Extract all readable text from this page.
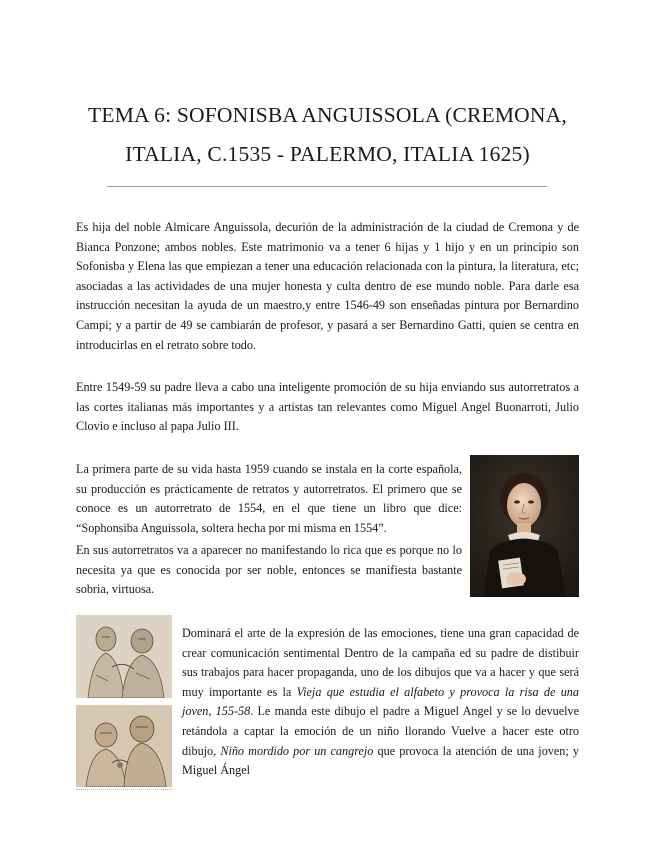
TEMA 6: SOFONISBA ANGUISSOLA (CREMONA, ITALIA, C.1535 - PALERMO, ITALIA 1625)

Es hija del noble Almicare Anguissola, decurión de la administración de la ciudad de Cremona y de Bianca Ponzone; ambos nobles. Este matrimonio va a tener 6 hijas y 1 hijo y en un principio son Sofonisba y Elena las que empiezan a tener una educación relacionada con la pintura, la literatura, etc; asociadas a las actividades de una mujer honesta y culta dentro de ese mundo noble. Para darle esa instrucción necesitan la ayuda de un maestro,y entre 1546-49 son enseñadas pintura por Bernardino Campi; y a partir de 49 se cambiarán de profesor, y pasará a ser Bernardino Gatti, quien se centra en introducirlas en el retrato sobre todo.

Entre 1549-59 su padre lleva a cabo una inteligente promoción de su hija enviando sus autorretratos a las cortes italianas más importantes y a artistas tan relevantes como Miguel Angel Buonarroti, Julio Clovio e incluso al papa Julio III.

La primera parte de su vida hasta 1959 cuando se instala en la corte española, su producción es prácticamente de retratos y autorretratos. El primero que se conoce es un autorretrato de 1554, en el que tiene un libro que dice: “Sophonsiba Anguissola, soltera hecha por mi misma en 1554”.

En sus autorretratos va a aparecer no manifestando lo rica que es porque no lo necesita ya que es conocida por ser noble, entonces se manifiesta bastante sobria, virtuosa.

Dominará el arte de la expresión de las emociones, tiene una gran capacidad de crear comunicación sentimental Dentro de la campaña ed su padre de distibuir sus trabajos para hacer propaganda, uno de los dibujos que va a hacer y que será muy importante es la Vieja que estudia el alfabeto y provoca la risa de una joven, 155-58. Le manda este dibujo el padre a Miguel Angel y se lo devuelve retándola a captar la emoción de un niño llorando Vuelve a hacer este otro dibujo, Niño mordido por un cangrejo que provoca la atención de una joven; y Miguel Ángel
